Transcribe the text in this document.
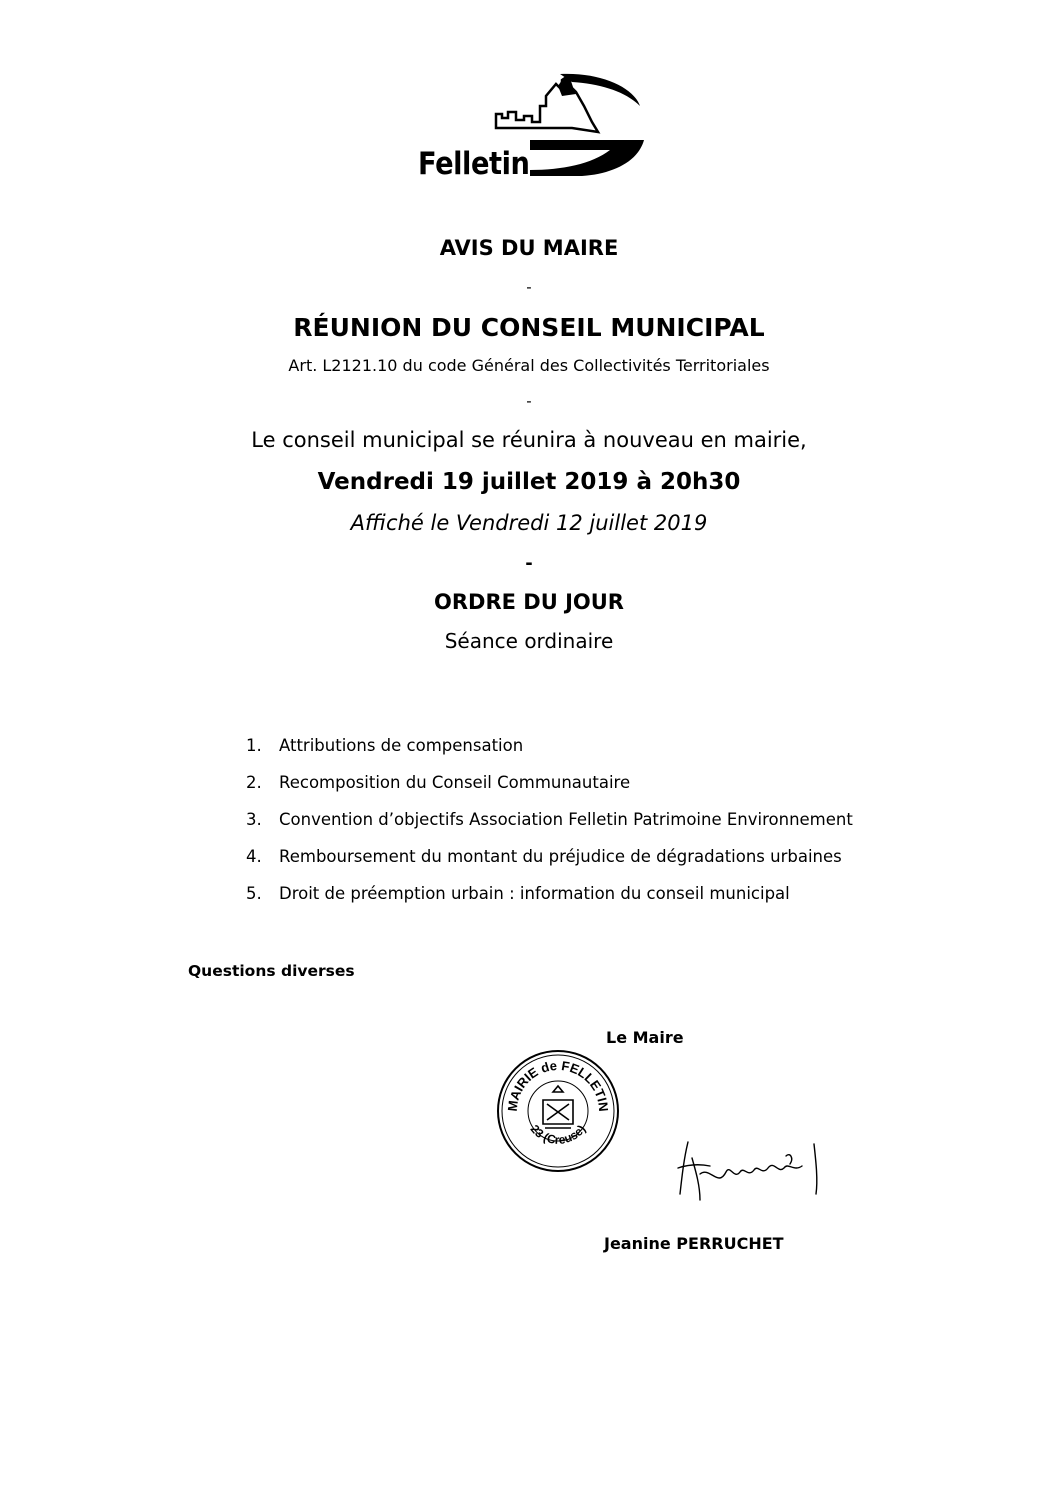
Felletin
AVIS DU MAIRE
-
RÉUNION DU CONSEIL MUNICIPAL
Art. L2121.10 du code Général des Collectivités Territoriales
-
Le conseil municipal se réunira à nouveau en mairie,
Vendredi 19 juillet 2019 à 20h30
Affiché le Vendredi 12 juillet 2019
-
ORDRE DU JOUR
Séance ordinaire
1. Attributions de compensation
2. Recomposition du Conseil Communautaire
3. Convention d’objectifs Association Felletin Patrimoine Environnement
4. Remboursement du montant du préjudice de dégradations urbaines
5. Droit de préemption urbain : information du conseil municipal
Questions diverses
Le Maire
MAIRIE de FELLETIN
23 (Creuse)
Jeanine PERRUCHET
